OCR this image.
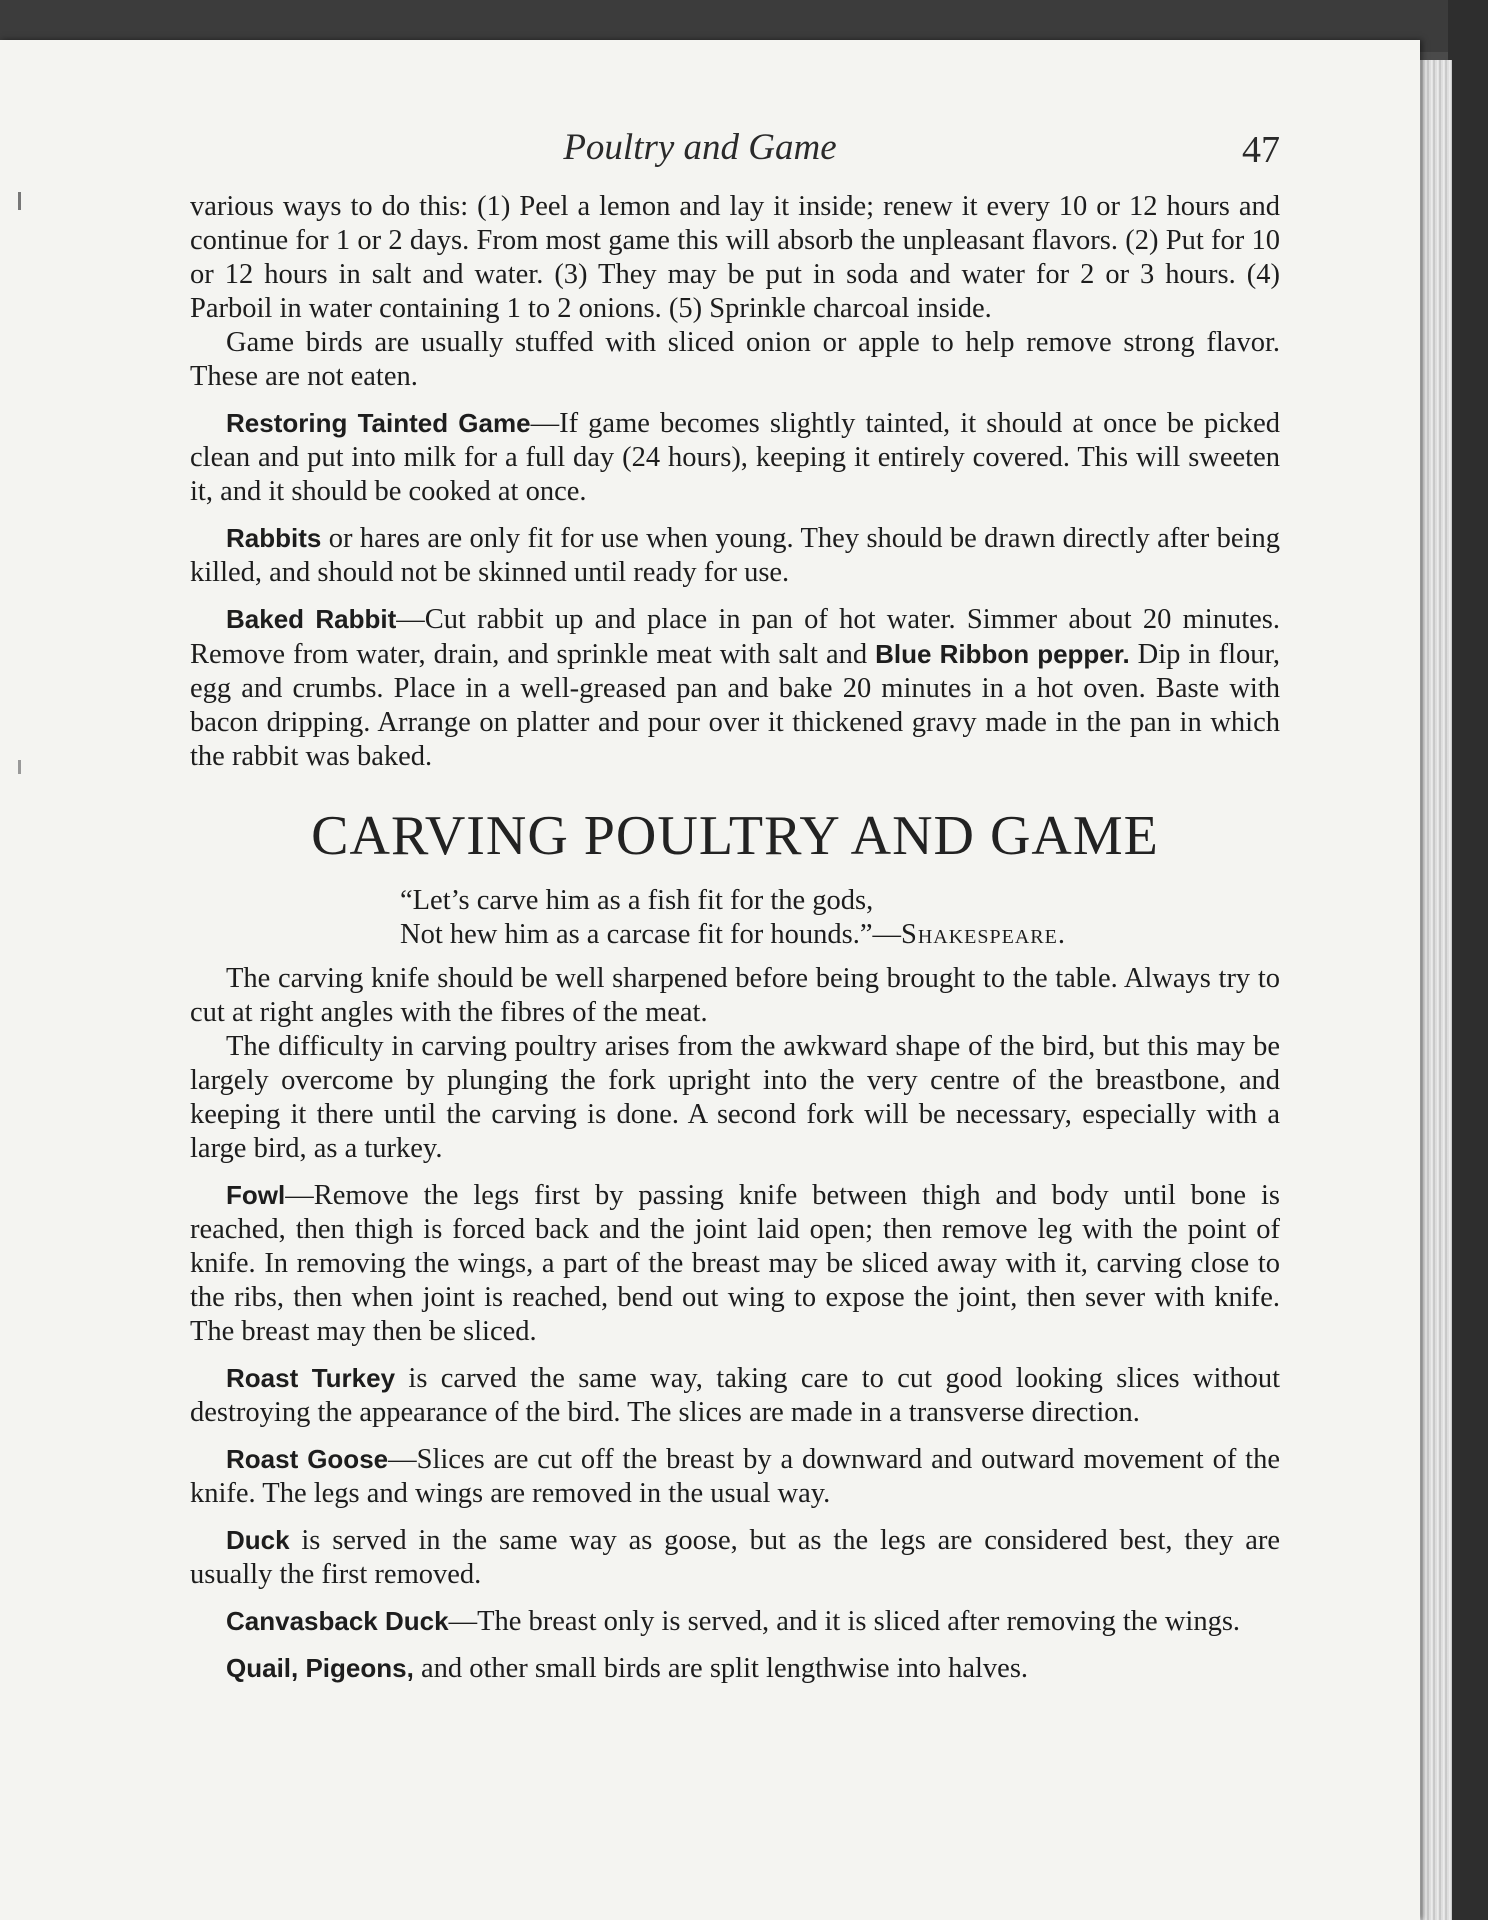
Poultry and Game	47

various ways to do this: (1) Peel a lemon and lay it inside; renew it every 10 or 12 hours and continue for 1 or 2 days. From most game this will absorb the unpleasant flavors. (2) Put for 10 or 12 hours in salt and water. (3) They may be put in soda and water for 2 or 3 hours. (4) Parboil in water containing 1 to 2 onions. (5) Sprinkle charcoal inside.

Game birds are usually stuffed with sliced onion or apple to help remove strong flavor. These are not eaten.

Restoring Tainted Game—If game becomes slightly tainted, it should at once be picked clean and put into milk for a full day (24 hours), keeping it entirely covered. This will sweeten it, and it should be cooked at once.

Rabbits or hares are only fit for use when young. They should be drawn directly after being killed, and should not be skinned until ready for use.

Baked Rabbit—Cut rabbit up and place in pan of hot water. Simmer about 20 minutes. Remove from water, drain, and sprinkle meat with salt and Blue Ribbon pepper. Dip in flour, egg and crumbs. Place in a well-greased pan and bake 20 minutes in a hot oven. Baste with bacon dripping. Arrange on platter and pour over it thickened gravy made in the pan in which the rabbit was baked.

CARVING POULTRY AND GAME
“Let’s carve him as a fish fit for the gods,
Not hew him as a carcase fit for hounds.”—Shakespeare.

The carving knife should be well sharpened before being brought to the table. Always try to cut at right angles with the fibres of the meat.

The difficulty in carving poultry arises from the awkward shape of the bird, but this may be largely overcome by plunging the fork upright into the very centre of the breastbone, and keeping it there until the carving is done. A second fork will be necessary, especially with a large bird, as a turkey.

Fowl—Remove the legs first by passing knife between thigh and body until bone is reached, then thigh is forced back and the joint laid open; then remove leg with the point of knife. In removing the wings, a part of the breast may be sliced away with it, carving close to the ribs, then when joint is reached, bend out wing to expose the joint, then sever with knife. The breast may then be sliced.

Roast Turkey is carved the same way, taking care to cut good looking slices without destroying the appearance of the bird. The slices are made in a transverse direction.

Roast Goose—Slices are cut off the breast by a downward and outward movement of the knife. The legs and wings are removed in the usual way.

Duck is served in the same way as goose, but as the legs are considered best, they are usually the first removed.

Canvasback Duck—The breast only is served, and it is sliced after removing the wings.

Quail, Pigeons, and other small birds are split lengthwise into halves.
